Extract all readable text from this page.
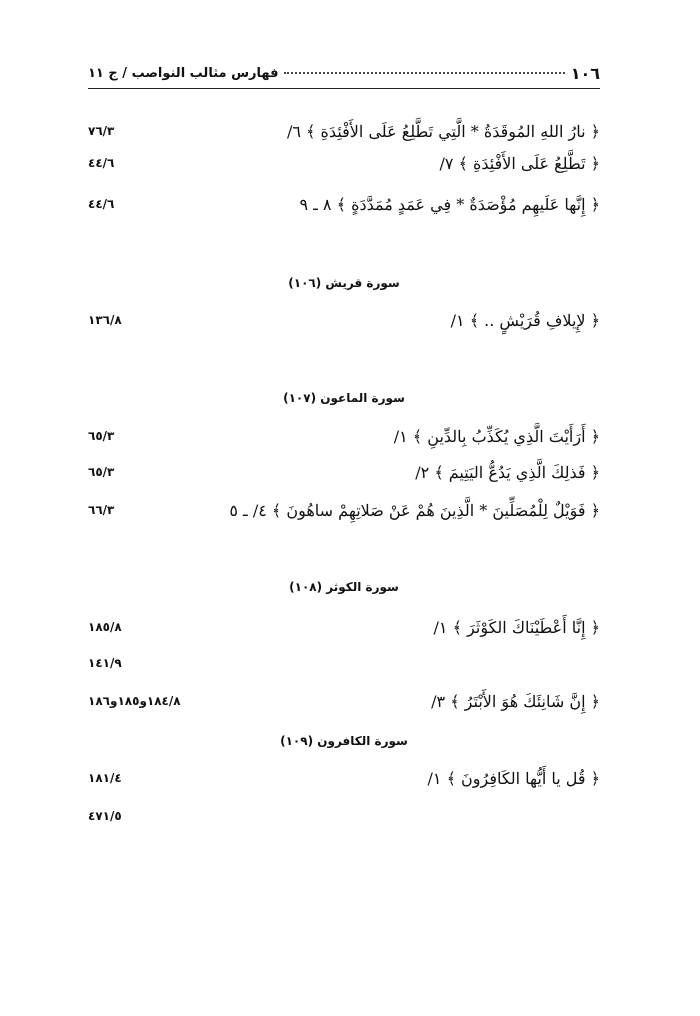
١٠٦
فهارس مثالب النواصب / ج ١١
﴿ نارُ اللهِ المُوقَدَةُ * الَّتِي تَطَّلِعُ عَلَى الأَفْئِدَةِ ﴾ ٦/
٧٦/٣
﴿ تَطَّلِعُ عَلَى الأَفْئِدَةِ ﴾ ٧/
٤٤/٦
﴿ إِنَّها عَلَيهِم مُؤْصَدَةٌ * فِي عَمَدٍ مُمَدَّدَةٍ ﴾ ٨ ـ ٩
٤٤/٦
سورة قريش (١٠٦)
﴿ لإِيلافِ قُرَيْشٍ .. ﴾ ١/
١٣٦/٨
سورة الماعون (١٠٧)
﴿ أَرَأَيْتَ الَّذِي يُكَذِّبُ بِالدِّينِ ﴾ ١/
٦٥/٣
﴿ فَذلِكَ الَّذِي يَدُعُّ اليَتِيمَ ﴾ ٢/
٦٥/٣
﴿ فَوَيْلٌ لِلْمُصَلِّينَ * الَّذِينَ هُمْ عَنْ صَلاتِهِمْ ساهُونَ ﴾ ٤/ ـ ٥
٦٦/٣
سورة الكوثر (١٠٨)
﴿ إِنَّا أَعْطَيْنَاكَ الكَوْثَرَ ﴾ ١/
١٨٥/٨
١٤١/٩
﴿ إِنَّ شَانِئَكَ هُوَ الأَبْتَرُ ﴾ ٣/
١٨٤/٨و١٨٥و١٨٦
سورة الكافرون (١٠٩)
﴿ قُل يا أَيُّها الكَافِرُونَ ﴾ ١/
١٨١/٤
٤٧١/٥
